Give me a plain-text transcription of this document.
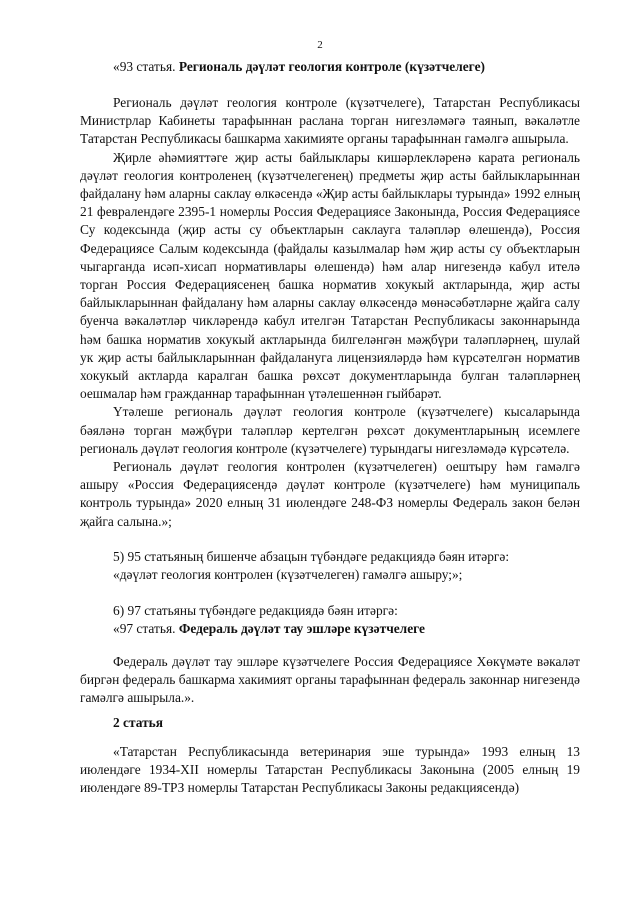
2

«93 статья. Региональ дәүләт геология контроле (күзәтчелеге)

Региональ дәүләт геология контроле (күзәтчелеге), Татарстан Республикасы Министрлар Кабинеты тарафыннан раслана торган нигезләмәгә таянып, вәкаләтле Татарстан Республикасы башкарма хакимияте органы тарафыннан гамәлгә ашырыла.

Җирле әһәмияттәге җир асты байлыклары кишәрлекләренә карата региональ дәүләт геология контроленең (күзәтчелегенең) предметы җир асты байлыкларыннан файдалану һәм аларны саклау өлкәсендә «Җир асты байлыклары турында» 1992 елның 21 февралендәге 2395-1 номерлы Россия Федерациясе Законында, Россия Федерациясе Су кодексында (җир асты су объектларын саклауга таләпләр өлешендә), Россия Федерациясе Салым кодексында (файдалы казылмалар һәм җир асты су объектларын чыгарганда исәп-хисап нормативлары өлешендә) һәм алар нигезендә кабул ителә торган Россия Федерациясенең башка норматив хокукый актларында, җир асты байлыкларыннан файдалану һәм аларны саклау өлкәсендә мөнәсәбәтләрне җайга салу буенча вәкаләтләр чикләрендә кабул ителгән Татарстан Республикасы законнарында һәм башка норматив хокукый актларында билгеләнгән мәҗбүри таләпләрнең, шулай ук җир асты байлыкларыннан файдалануга лицензияләрдә һәм күрсәтелгән норматив хокукый актларда каралган башка рөхсәт документларында булган таләпләрнең оешмалар һәм гражданнар тарафыннан үтәлешеннән гыйбарәт.

Үтәлеше региональ дәүләт геология контроле (күзәтчелеге) кысаларында бәяләнә торган мәҗбүри таләпләр кертелгән рөхсәт документларының исемлеге региональ дәүләт геология контроле (күзәтчелеге) турындагы нигезләмәдә күрсәтелә.

Региональ дәүләт геология контролен (күзәтчелеген) оештыру һәм гамәлгә ашыру «Россия Федерациясендә дәүләт контроле (күзәтчелеге) һәм муниципаль контроль турында» 2020 елның 31 июлендәге 248-ФЗ номерлы Федераль закон белән җайга салына.»;

5) 95 статьяның бишенче абзацын түбәндәге редакциядә бәян итәргә:

«дәүләт геология контролен (күзәтчелеген) гамәлгә ашыру;»;

6) 97 статьяны түбәндәге редакциядә бәян итәргә:

«97 статья. Федераль дәүләт тау эшләре күзәтчелеге

Федераль дәүләт тау эшләре күзәтчелеге Россия Федерациясе Хөкүмәте вәкаләт биргән федераль башкарма хакимият органы тарафыннан федераль законнар нигезендә гамәлгә ашырыла.».

2 статья

«Татарстан Республикасында ветеринария эше турында» 1993 елның 13 июлендәге 1934-XII номерлы Татарстан Республикасы Законына (2005 елның 19 июлендәге 89-ТРЗ номерлы Татарстан Республикасы Законы редакциясендә)
